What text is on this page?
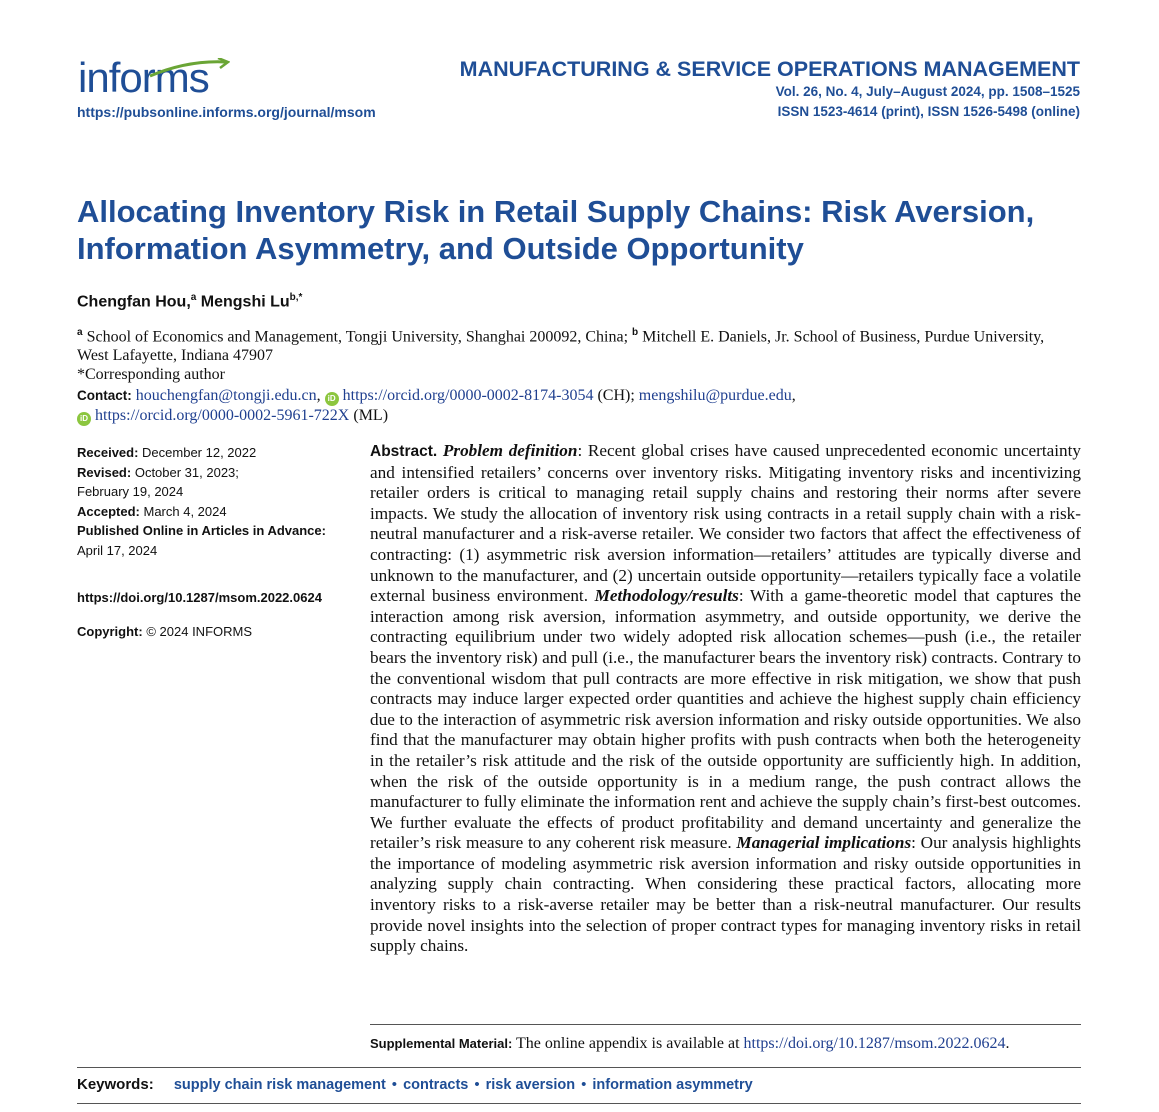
informs
https://pubsonline.informs.org/journal/msom
MANUFACTURING & SERVICE OPERATIONS MANAGEMENT
Vol. 26, No. 4, July–August 2024, pp. 1508–1525
ISSN 1523-4614 (print), ISSN 1526-5498 (online)
Allocating Inventory Risk in Retail Supply Chains: Risk Aversion, Information Asymmetry, and Outside Opportunity
Chengfan Hou,$^a$ Mengshi $Lu^{b,*}$
$^a$ School of Economics and Management, Tongji University, Shanghai 200092, China; $^b$ Mitchell E. Daniels, Jr. School of Business, Purdue University, West Lafayette, Indiana 47907
*Corresponding author
Contact: houchengfan@tongji.edu.cn, iD https://orcid.org/0000-0002-8174-3054 (CH); mengshilu@purdue.edu,
iD https://orcid.org/0000-0002-5961-722X (ML)
Received: December 12, 2022
Revised: October 31, 2023;
February 19, 2024
Accepted: March 4, 2024
Published Online in Articles in Advance:
April 17, 2024
https://doi.org/10.1287/msom.2022.0624
Copyright: © 2024 INFORMS
Abstract. Problem definition: Recent global crises have caused unprecedented economic uncertainty and intensified retailers’ concerns over inventory risks. Mitigating inventory risks and incentivizing retailer orders is critical to managing retail supply chains and restoring their norms after severe impacts. We study the allocation of inventory risk using contracts in a retail supply chain with a risk-neutral manufacturer and a risk-averse retailer. We consider two factors that affect the effectiveness of contracting: (1) asymmetric risk aversion information—retailers’ attitudes are typically diverse and unknown to the manufacturer, and (2) uncertain outside opportunity—retailers typically face a volatile external business environment. Methodology/results: With a game-theoretic model that captures the interaction among risk aversion, information asymmetry, and outside opportunity, we derive the contracting equilibrium under two widely adopted risk allocation schemes—push (i.e., the retailer bears the inventory risk) and pull (i.e., the manufacturer bears the inventory risk) contracts. Contrary to the conventional wisdom that pull contracts are more effective in risk mitigation, we show that push contracts may induce larger expected order quantities and achieve the highest supply chain efficiency due to the interaction of asymmetric risk aversion information and risky outside opportunities. We also find that the manufacturer may obtain higher profits with push contracts when both the heterogeneity in the retailer’s risk attitude and the risk of the outside opportunity are sufficiently high. In addition, when the risk of the outside opportunity is in a medium range, the push contract allows the manufacturer to fully eliminate the information rent and achieve the supply chain’s first-best outcomes. We further evaluate the effects of product profitability and demand uncertainty and generalize the retailer’s risk measure to any coherent risk measure. Managerial implications: Our analysis highlights the importance of modeling asymmetric risk aversion information and risky outside opportunities in analyzing supply chain contracting. When considering these practical factors, allocating more inventory risks to a risk-averse retailer may be better than a risk-neutral manufacturer. Our results provide novel insights into the selection of proper contract types for managing inventory risks in retail supply chains.
Supplemental Material: The online appendix is available at https://doi.org/10.1287/msom.2022.0624.
Keywords: supply chain risk management • contracts • risk aversion • information asymmetry
